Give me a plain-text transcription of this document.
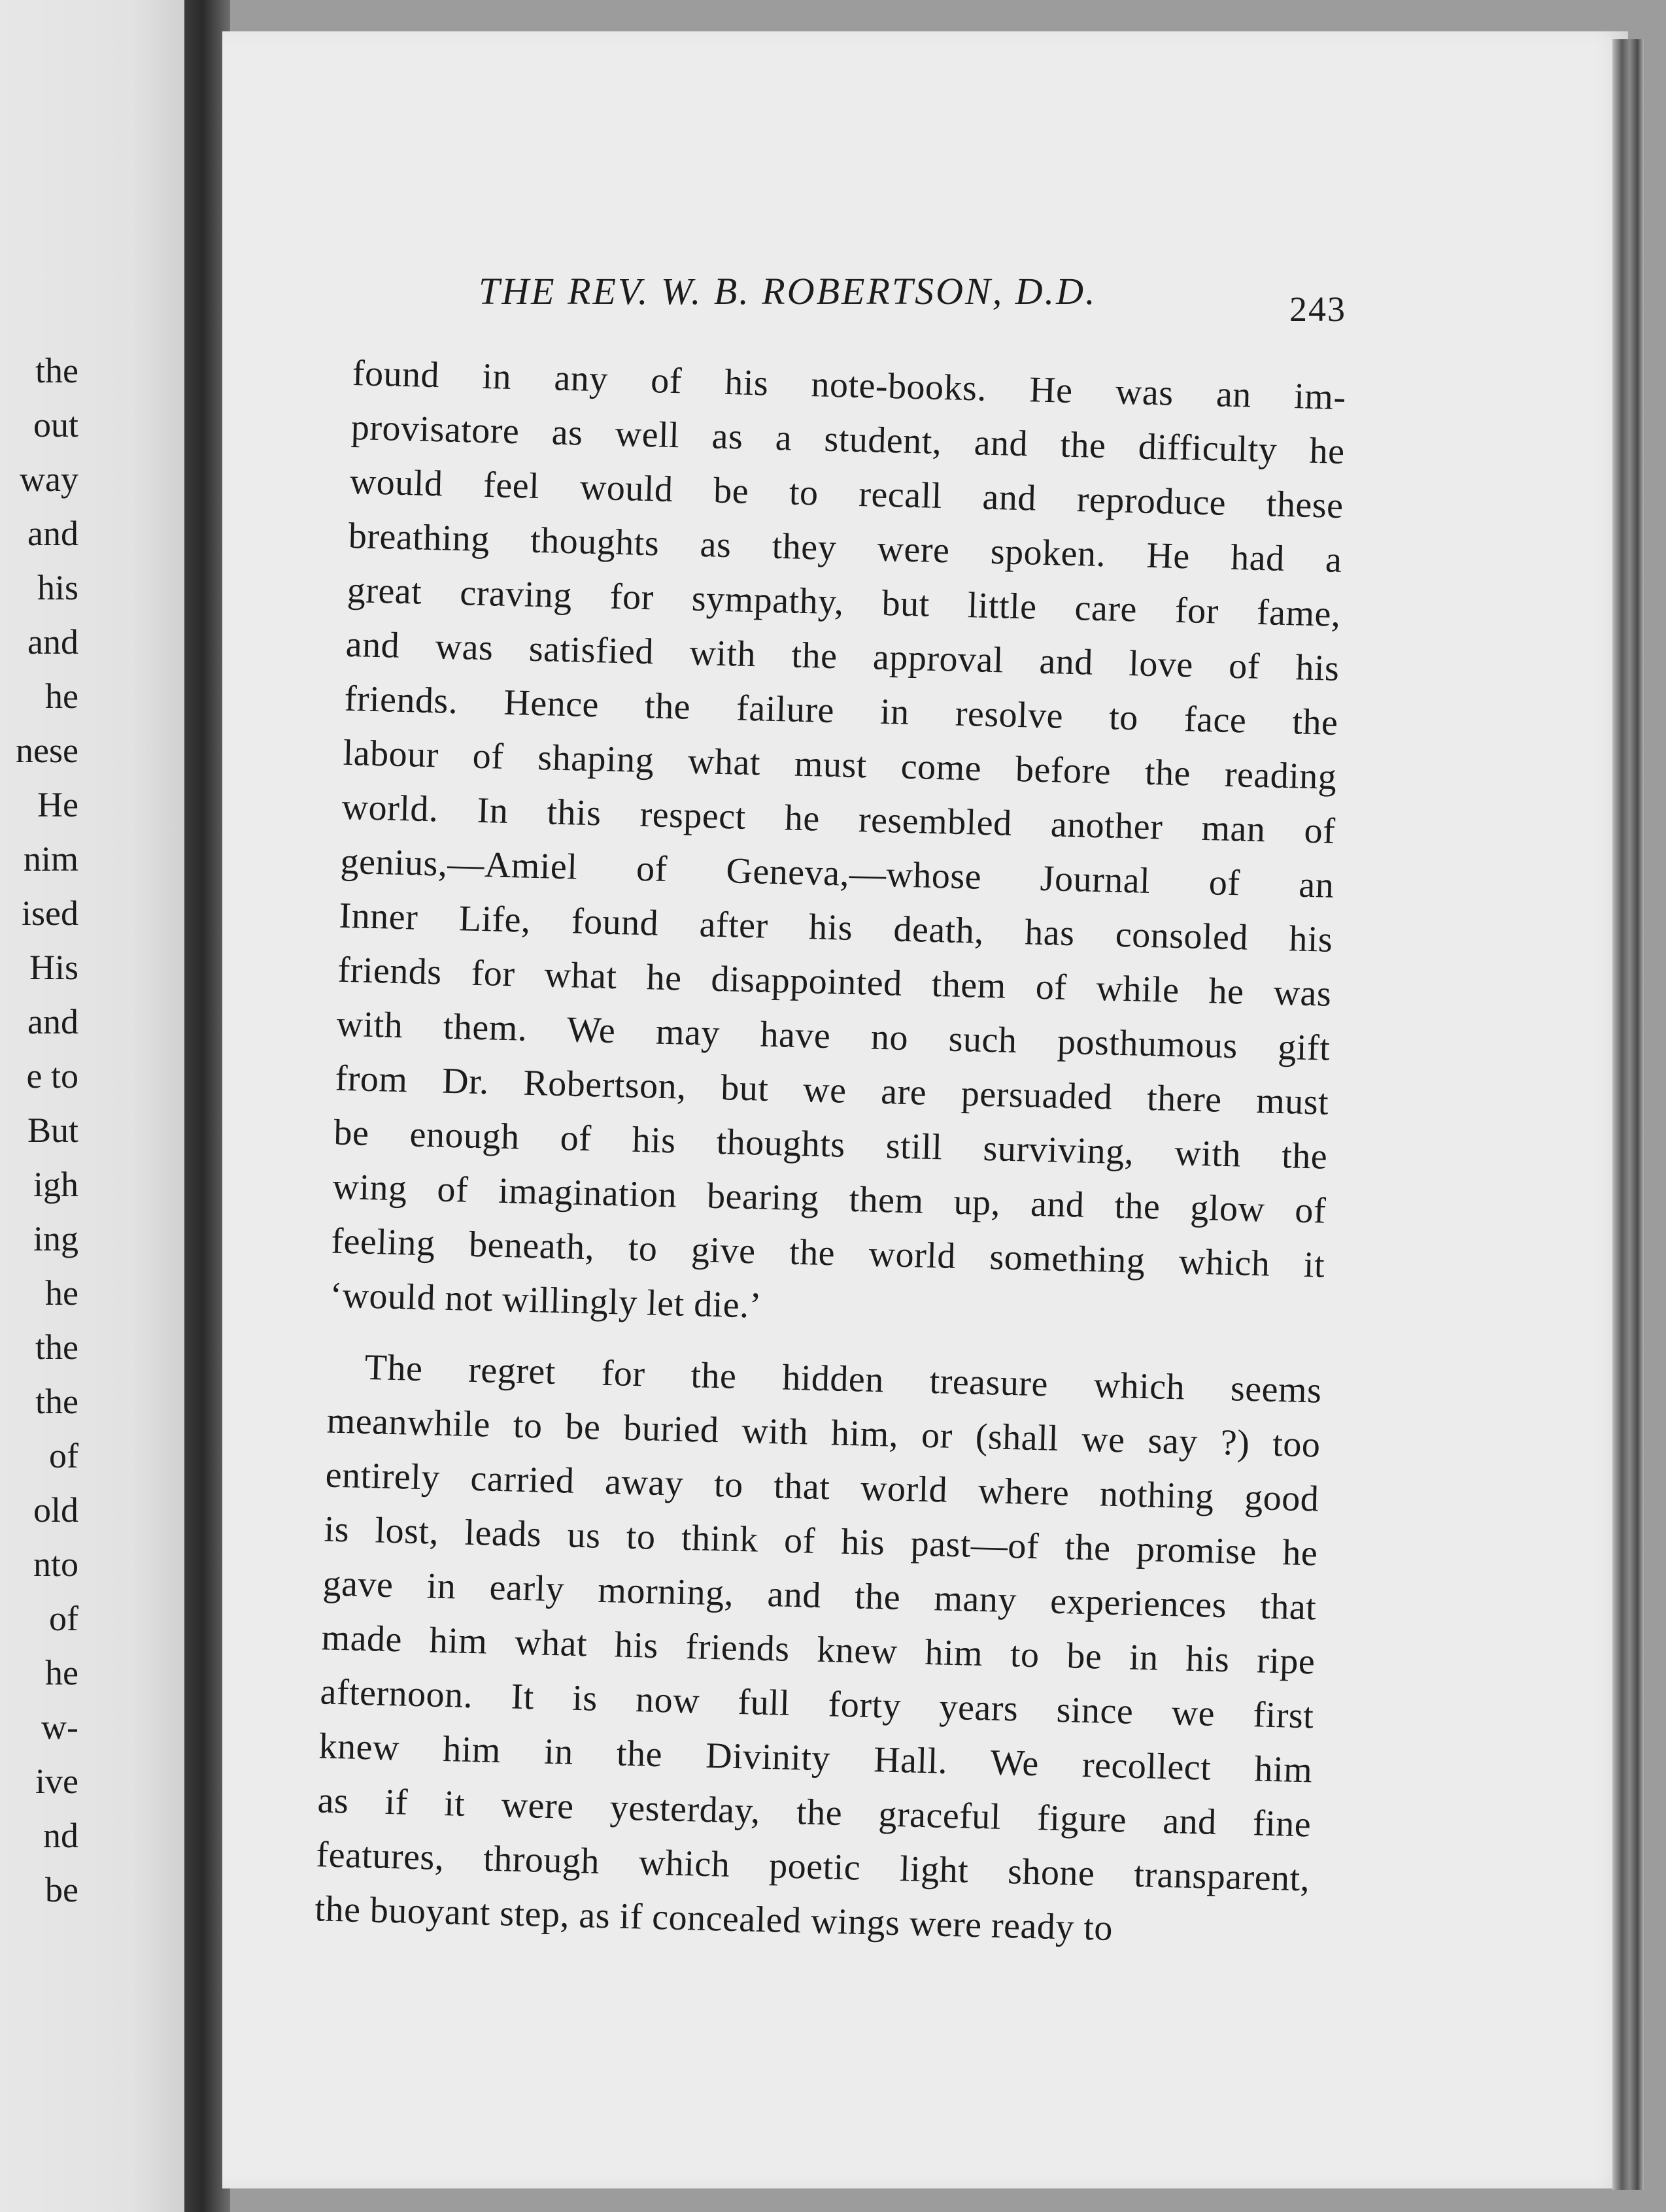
the
out
way
and
his
and
he
nese
He
nim
ised
His
and
e to
But
igh
ing
he
the
the
of
old
nto
of
he
w-
ive
nd
be
THE REV. W. B. ROBERTSON, D.D.	243
found in any of his note-books. He was an im-
provisatore as well as a student, and the difficulty he
would feel would be to recall and reproduce these
breathing thoughts as they were spoken. He had a
great craving for sympathy, but little care for fame,
and was satisfied with the approval and love of his
friends. Hence the failure in resolve to face the
labour of shaping what must come before the reading
world. In this respect he resembled another man of
genius,—Amiel of Geneva,—whose Journal of an
Inner Life, found after his death, has consoled his
friends for what he disappointed them of while he was
with them. We may have no such posthumous gift
from Dr. Robertson, but we are persuaded there must
be enough of his thoughts still surviving, with the
wing of imagination bearing them up, and the glow of
feeling beneath, to give the world something which it
‘would not willingly let die.’
The regret for the hidden treasure which seems
meanwhile to be buried with him, or (shall we say ?) too
entirely carried away to that world where nothing good
is lost, leads us to think of his past—of the promise he
gave in early morning, and the many experiences that
made him what his friends knew him to be in his ripe
afternoon. It is now full forty years since we first
knew him in the Divinity Hall. We recollect him
as if it were yesterday, the graceful figure and fine
features, through which poetic light shone transparent,
the buoyant step, as if concealed wings were ready to
